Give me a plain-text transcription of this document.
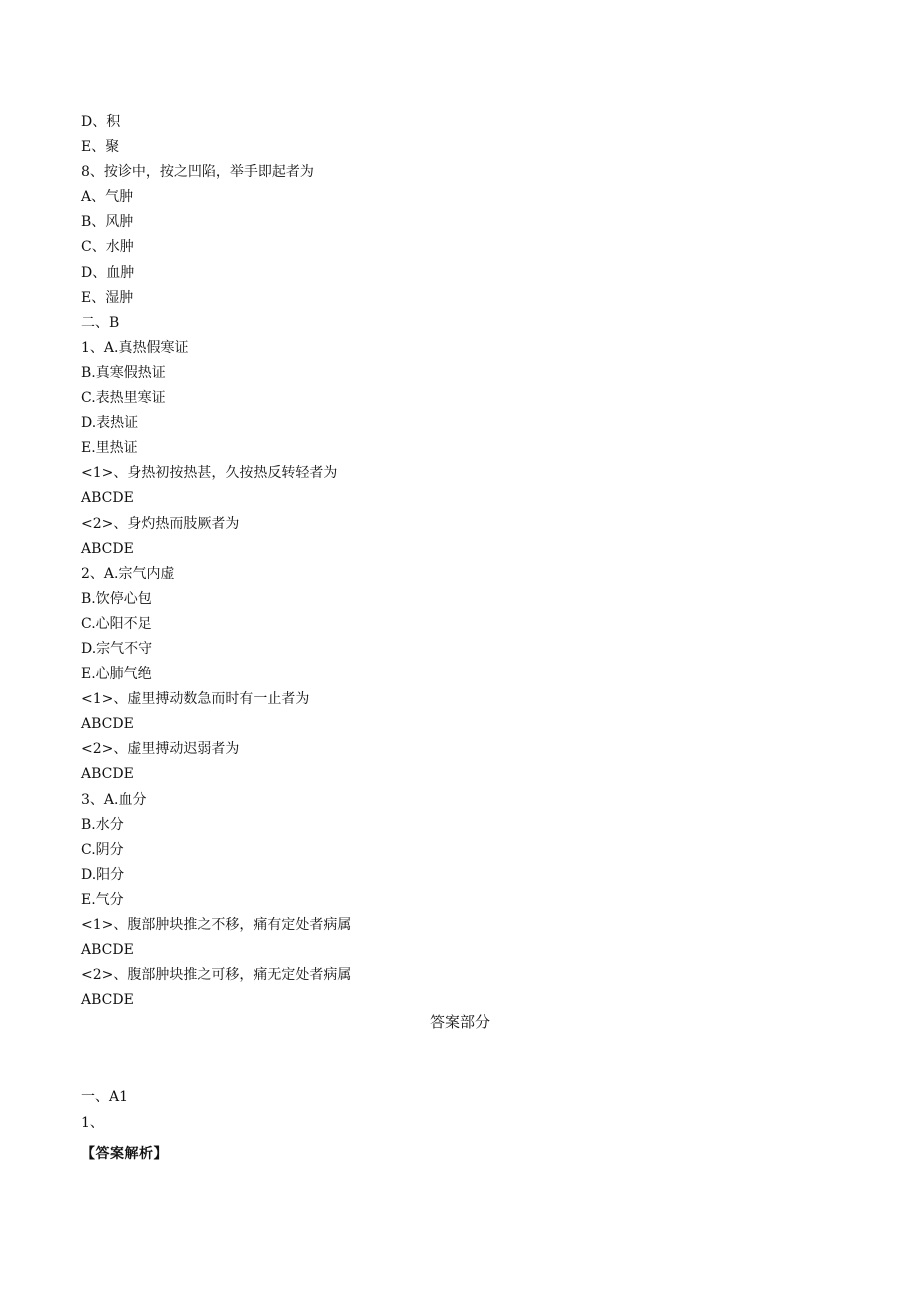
D、积
E、聚
8、按诊中，按之凹陷，举手即起者为
A、气肿
B、风肿
C、水肿
D、血肿
E、湿肿
二、B
1、A.真热假寒证
B.真寒假热证
C.表热里寒证
D.表热证
E.里热证
<1>、身热初按热甚，久按热反转轻者为
ABCDE
<2>、身灼热而肢厥者为
ABCDE
2、A.宗气内虚
B.饮停心包
C.心阳不足
D.宗气不守
E.心肺气绝
<1>、虚里搏动数急而时有一止者为
ABCDE
<2>、虚里搏动迟弱者为
ABCDE
3、A.血分
B.水分
C.阴分
D.阳分
E.气分
<1>、腹部肿块推之不移，痛有定处者病属
ABCDE
<2>、腹部肿块推之可移，痛无定处者病属
ABCDE
答案部分
一、A1
1、
【答案解析】
